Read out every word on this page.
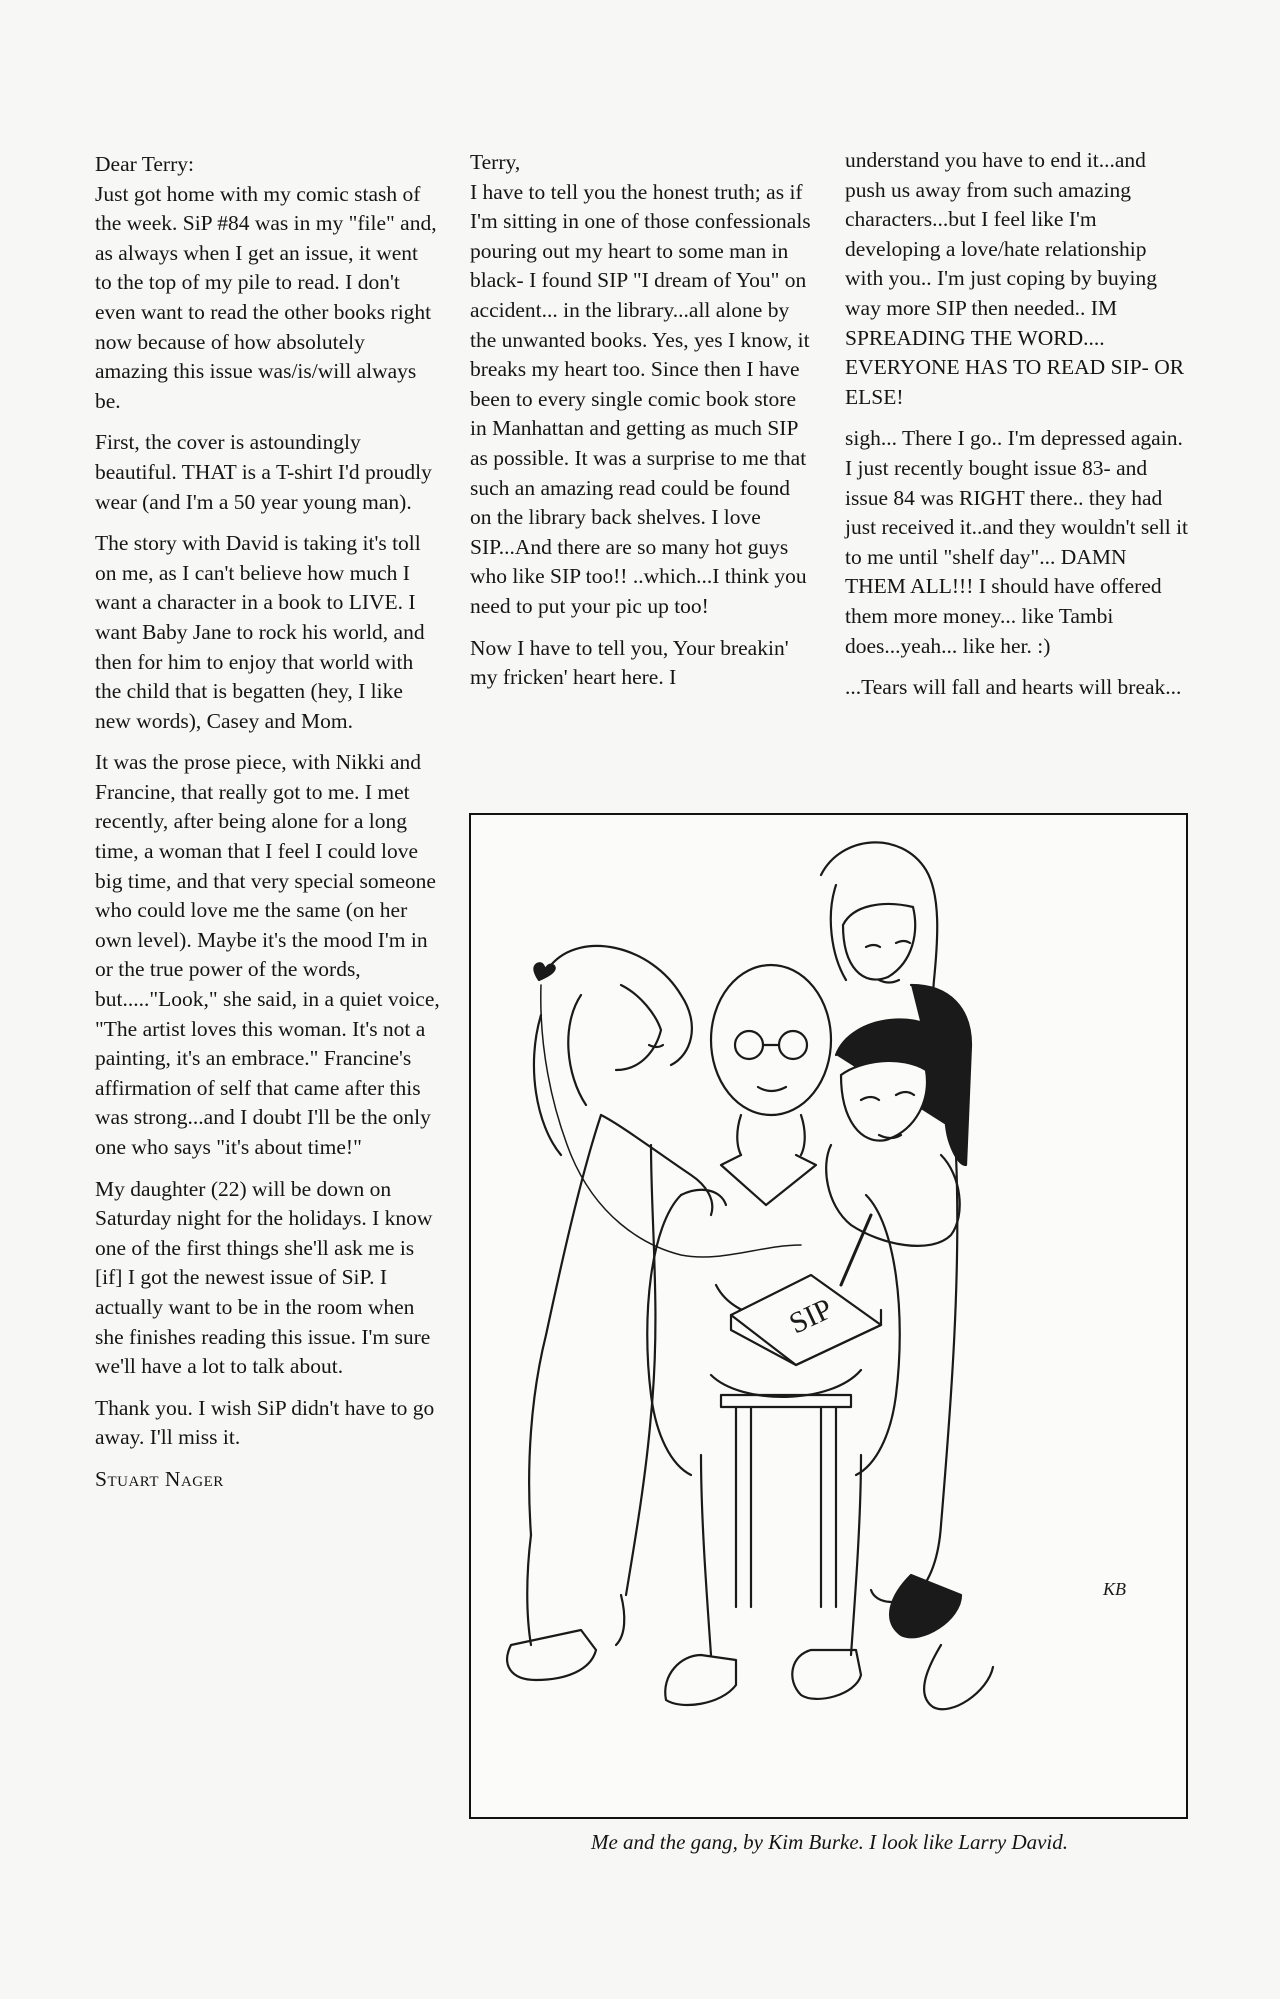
Dear Terry:

Just got home with my comic stash of the week. SiP #84 was in my "file" and, as always when I get an issue, it went to the top of my pile to read. I don't even want to read the other books right now because of how absolutely amazing this issue was/is/will always be.

First, the cover is astoundingly beautiful. THAT is a T-shirt I'd proudly wear (and I'm a 50 year young man).

The story with David is taking it's toll on me, as I can't believe how much I want a character in a book to LIVE. I want Baby Jane to rock his world, and then for him to enjoy that world with the child that is begatten (hey, I like new words), Casey and Mom.

It was the prose piece, with Nikki and Francine, that really got to me. I met recently, after being alone for a long time, a woman that I feel I could love big time, and that very special someone who could love me the same (on her own level). Maybe it's the mood I'm in or the true power of the words, but....."Look," she said, in a quiet voice, "The artist loves this woman. It's not a painting, it's an embrace." Francine's affirmation of self that came after this was strong...and I doubt I'll be the only one who says "it's about time!"

My daughter (22) will be down on Saturday night for the holidays. I know one of the first things she'll ask me is [if] I got the newest issue of SiP. I actually want to be in the room when she finishes reading this issue. I'm sure we'll have a lot to talk about.

Thank you. I wish SiP didn't have to go away. I'll miss it.

Stuart Nager

Terry,

I have to tell you the honest truth; as if I'm sitting in one of those confessionals pouring out my heart to some man in black- I found SIP "I dream of You" on accident... in the library...all alone by the unwanted books. Yes, yes I know, it breaks my heart too. Since then I have been to every single comic book store in Manhattan and getting as much SIP as possible. It was a surprise to me that such an amazing read could be found on the library back shelves. I love SIP...And there are so many hot guys who like SIP too!! ..which...I think you need to put your pic up too!

Now I have to tell you, Your breakin' my fricken' heart here. I

understand you have to end it...and push us away from such amazing characters...but I feel like I'm developing a love/hate relationship with you.. I'm just coping by buying way more SIP then needed.. IM SPREADING THE WORD.... EVERYONE HAS TO READ SIP- OR ELSE!

sigh... There I go.. I'm depressed again. I just recently bought issue 83- and issue 84 was RIGHT there.. they had just received it..and they wouldn't sell it to me until "shelf day"... DAMN THEM ALL!!! I should have offered them more money... like Tambi does...yeah... like her. :)

...Tears will fall and hearts will break...

SIP
KB
Me and the gang, by Kim Burke. I look like Larry David.
